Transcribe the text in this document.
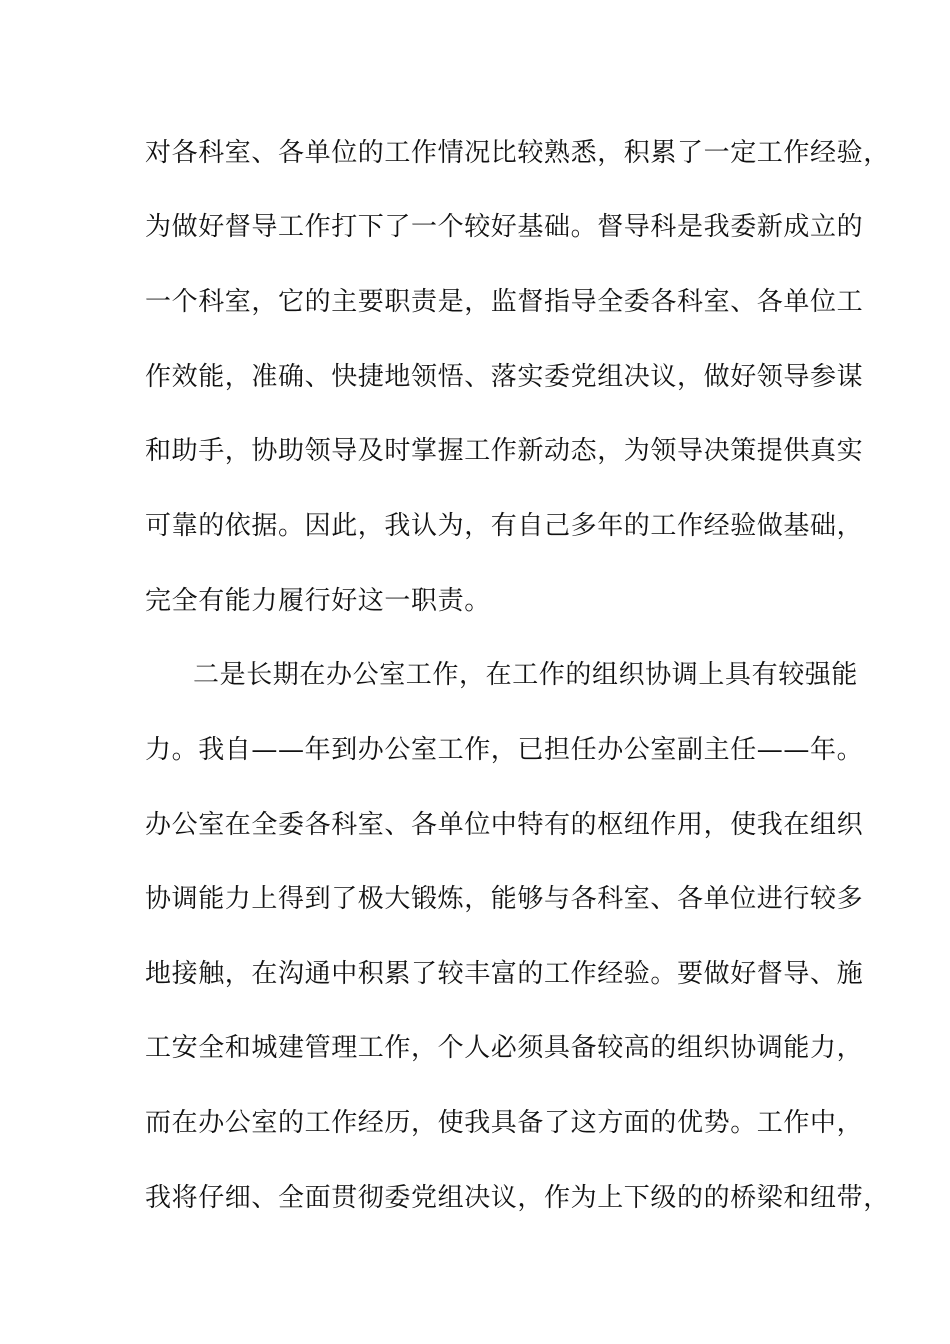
对各科室、各单位的工作情况比较熟悉，积累了一定工作经验，
为做好督导工作打下了一个较好基础。督导科是我委新成立的
一个科室，它的主要职责是，监督指导全委各科室、各单位工
作效能，准确、快捷地领悟、落实委党组决议，做好领导参谋
和助手，协助领导及时掌握工作新动态，为领导决策提供真实
可靠的依据。因此，我认为，有自己多年的工作经验做基础，
完全有能力履行好这一职责。
二是长期在办公室工作，在工作的组织协调上具有较强能
力。我自——年到办公室工作，已担任办公室副主任——年。
办公室在全委各科室、各单位中特有的枢纽作用，使我在组织
协调能力上得到了极大锻炼，能够与各科室、各单位进行较多
地接触，在沟通中积累了较丰富的工作经验。要做好督导、施
工安全和城建管理工作，个人必须具备较高的组织协调能力，
而在办公室的工作经历，使我具备了这方面的优势。工作中，
我将仔细、全面贯彻委党组决议，作为上下级的的桥梁和纽带，
